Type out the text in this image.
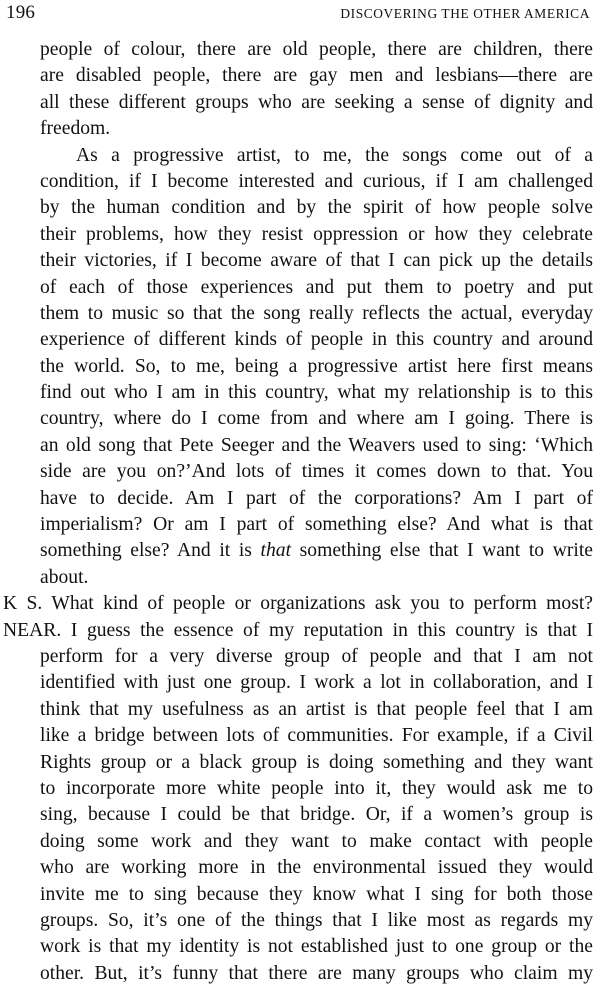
196	DISCOVERING THE OTHER AMERICA
people of colour, there are old people, there are children, there
are disabled people, there are gay men and lesbians—there are
all these different groups who are seeking a sense of dignity and
freedom.
As a progressive artist, to me, the songs come out of a
condition, if I become interested and curious, if I am challenged
by the human condition and by the spirit of how people solve
their problems, how they resist oppression or how they celebrate
their victories, if I become aware of that I can pick up the details
of each of those experiences and put them to poetry and put
them to music so that the song really reflects the actual, everyday
experience of different kinds of people in this country and around
the world. So, to me, being a progressive artist here first means
find out who I am in this country, what my relationship is to this
country, where do I come from and where am I going. There is
an old song that Pete Seeger and the Weavers used to sing: ‘Which
side are you on?’And lots of times it comes down to that. You
have to decide. Am I part of the corporations? Am I part of
imperialism? Or am I part of something else? And what is that
something else? And it is that something else that I want to write
about.
K S. What kind of people or organizations ask you to perform most?
NEAR. I guess the essence of my reputation in this country is that I
perform for a very diverse group of people and that I am not
identified with just one group. I work a lot in collaboration, and I
think that my usefulness as an artist is that people feel that I am
like a bridge between lots of communities. For example, if a Civil
Rights group or a black group is doing something and they want
to incorporate more white people into it, they would ask me to
sing, because I could be that bridge. Or, if a women’s group is
doing some work and they want to make contact with people
who are working more in the environmental issued they would
invite me to sing because they know what I sing for both those
groups. So, it’s one of the things that I like most as regards my
work is that my identity is not established just to one group or the
other. But, it’s funny that there are many groups who claim my
